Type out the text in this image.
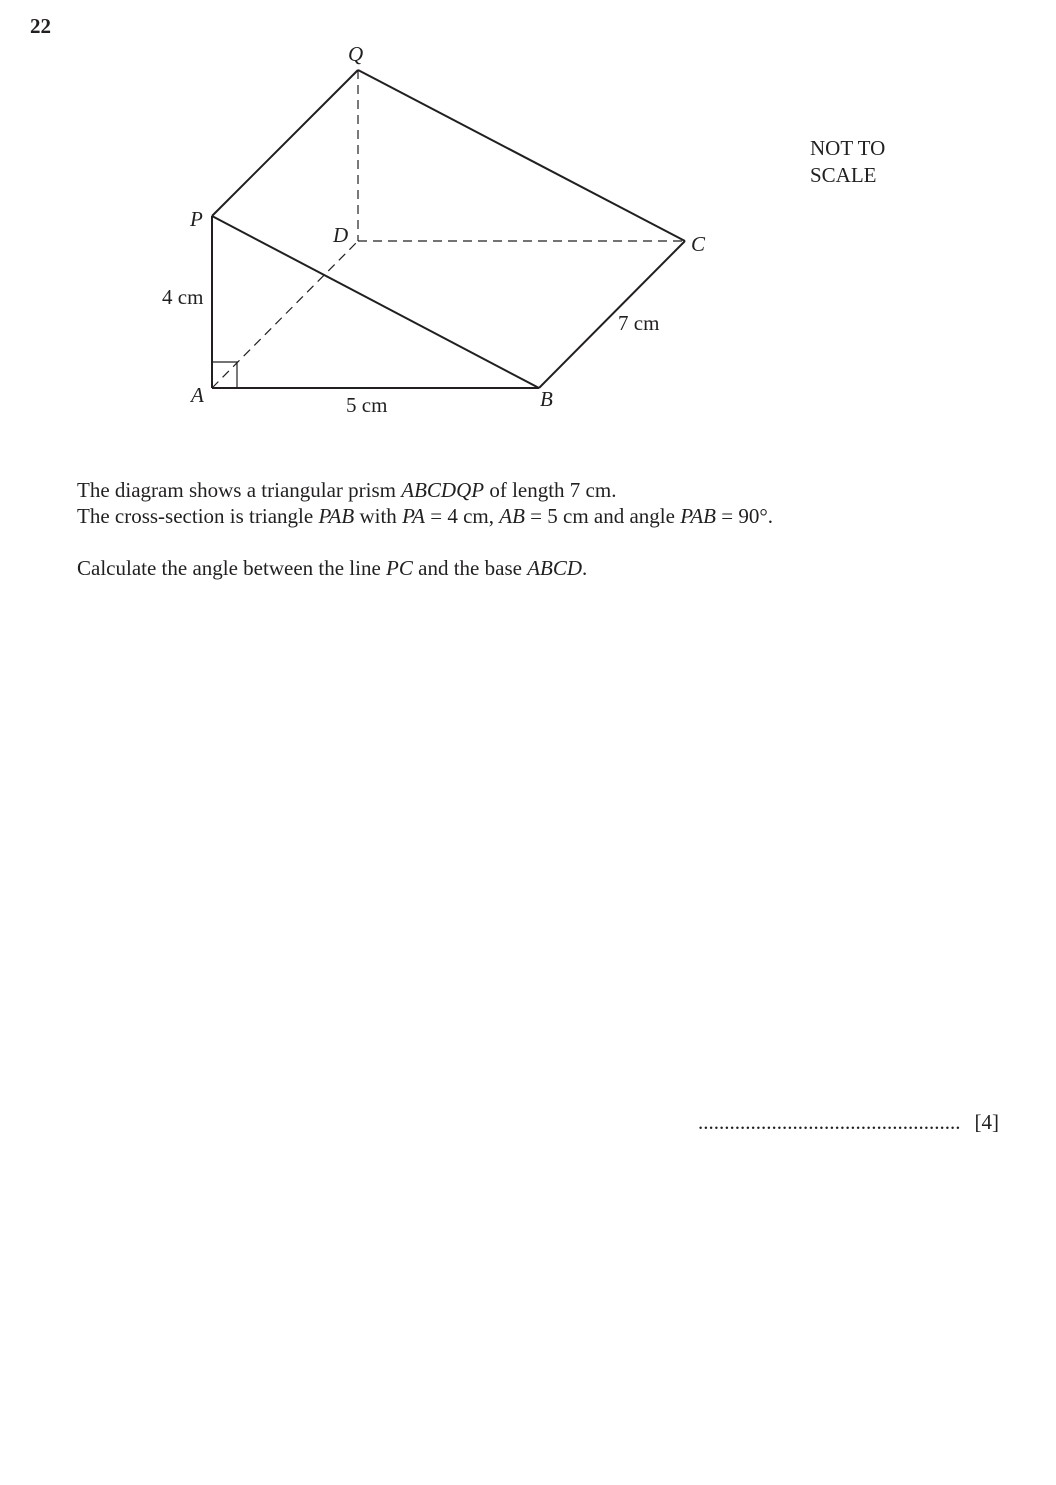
22
Q
P
D	C
A	B
4 cm
5 cm
7 cm
NOT TO
SCALE

The diagram shows a triangular prism ABCDQP of length 7 cm.

The cross-section is triangle PAB with PA = 4 cm, AB = 5 cm and angle PAB = 90°.

Calculate the angle between the line PC and the base ABCD.

.................................................. [4]
